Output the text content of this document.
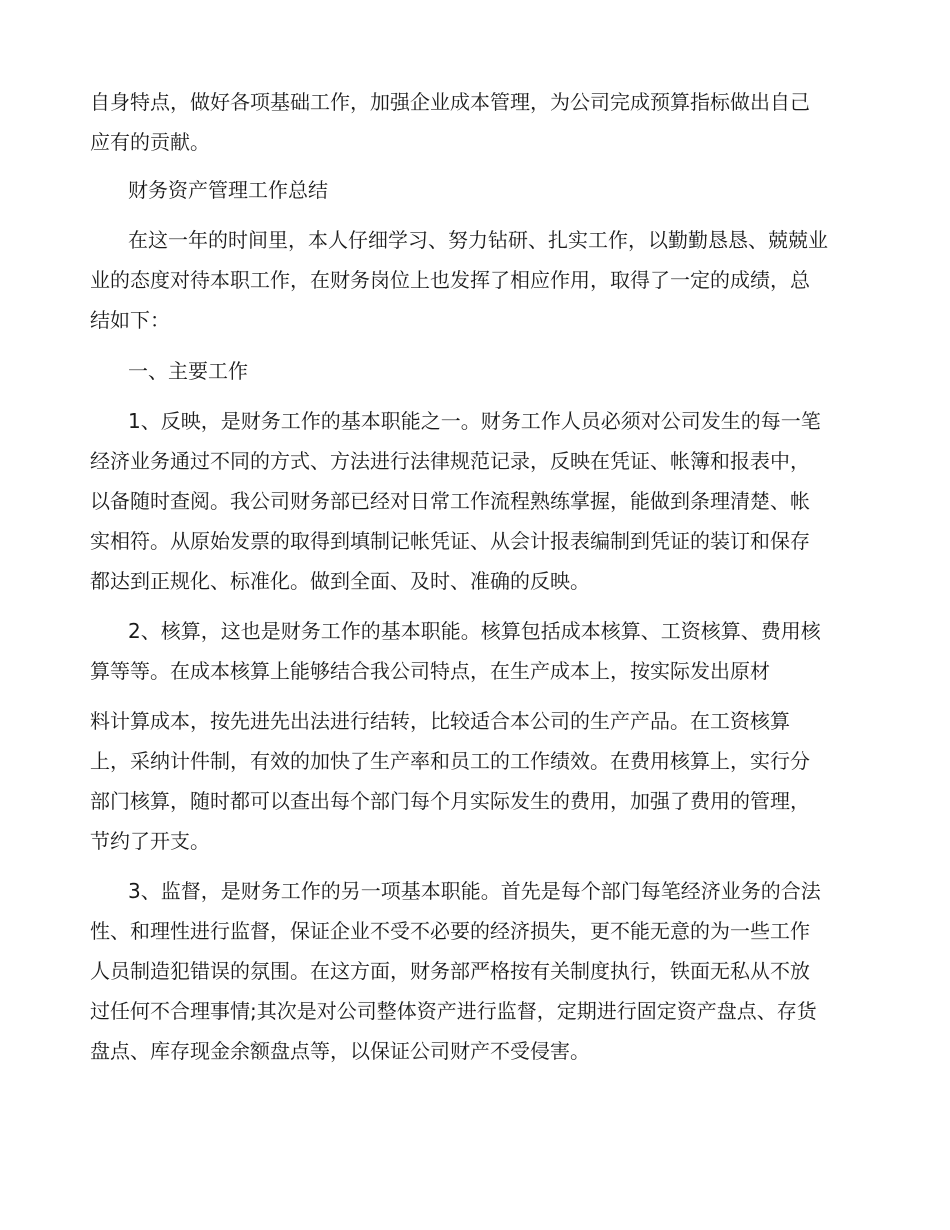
自身特点，做好各项基础工作，加强企业成本管理，为公司完成预算指标做出自己
应有的贡献。
财务资产管理工作总结
在这一年的时间里，本人仔细学习、努力钻研、扎实工作，以勤勤恳恳、兢兢业
业的态度对待本职工作，在财务岗位上也发挥了相应作用，取得了一定的成绩，总
结如下：
一、主要工作
1、反映，是财务工作的基本职能之一。财务工作人员必须对公司发生的每一笔
经济业务通过不同的方式、方法进行法律规范记录，反映在凭证、帐簿和报表中，
以备随时查阅。我公司财务部已经对日常工作流程熟练掌握，能做到条理清楚、帐
实相符。从原始发票的取得到填制记帐凭证、从会计报表编制到凭证的装订和保存
都达到正规化、标准化。做到全面、及时、准确的反映。
2、核算，这也是财务工作的基本职能。核算包括成本核算、工资核算、费用核
算等等。在成本核算上能够结合我公司特点，在生产成本上，按实际发出原材
料计算成本，按先进先出法进行结转，比较适合本公司的生产产品。在工资核算
上，采纳计件制，有效的加快了生产率和员工的工作绩效。在费用核算上，实行分
部门核算，随时都可以查出每个部门每个月实际发生的费用，加强了费用的管理，
节约了开支。
3、监督，是财务工作的另一项基本职能。首先是每个部门每笔经济业务的合法
性、和理性进行监督，保证企业不受不必要的经济损失，更不能无意的为一些工作
人员制造犯错误的氛围。在这方面，财务部严格按有关制度执行，铁面无私从不放
过任何不合理事情;其次是对公司整体资产进行监督，定期进行固定资产盘点、存货
盘点、库存现金余额盘点等，以保证公司财产不受侵害。
